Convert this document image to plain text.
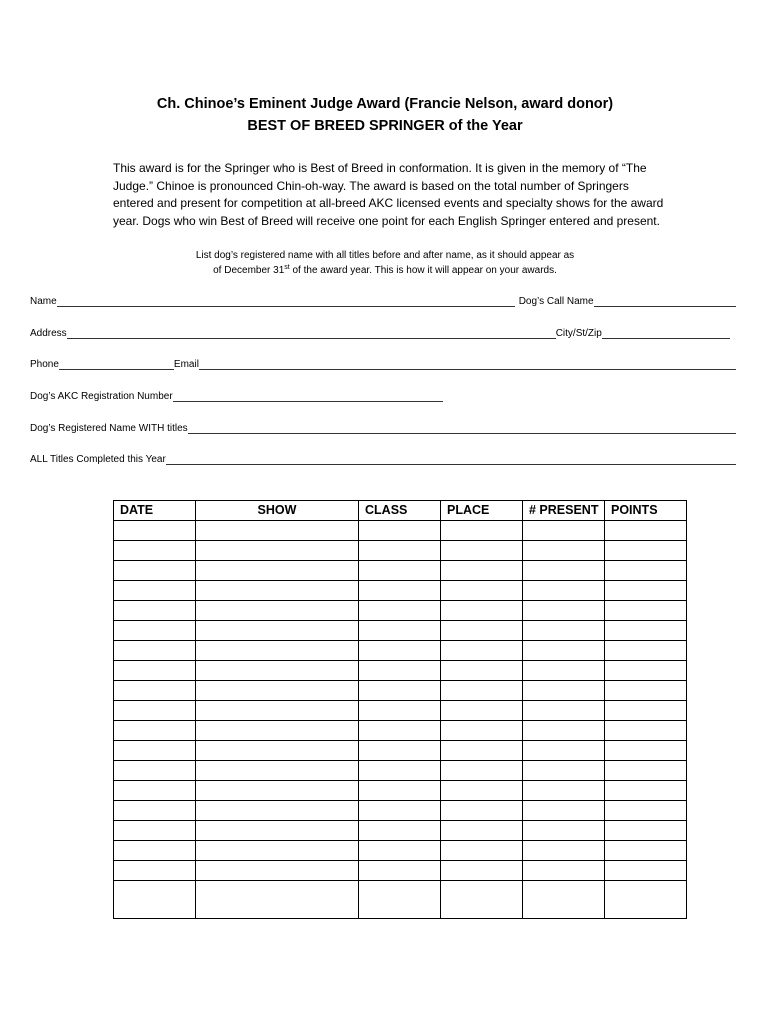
Ch. Chinoe’s Eminent Judge Award (Francie Nelson, award donor)
BEST OF BREED SPRINGER of the Year
This award is for the Springer who is Best of Breed in conformation. It is given in the memory of “The
Judge.” Chinoe is pronounced Chin-oh-way. The award is based on the total number of Springers
entered and present for competition at all-breed AKC licensed events and specialty shows for the award
year. Dogs who win Best of Breed will receive one point for each English Springer entered and present.
List dog’s registered name with all titles before and after name, as it should appear as
of December 31st of the award year. This is how it will appear on your awards.
Name	Dog’s Call Name
Address	City/St/Zip
Phone	Email
Dog’s AKC Registration Number
Dog’s Registered Name WITH titles
ALL Titles Completed this Year
DATE	SHOW	CLASS	PLACE	# PRESENT	POINTS
